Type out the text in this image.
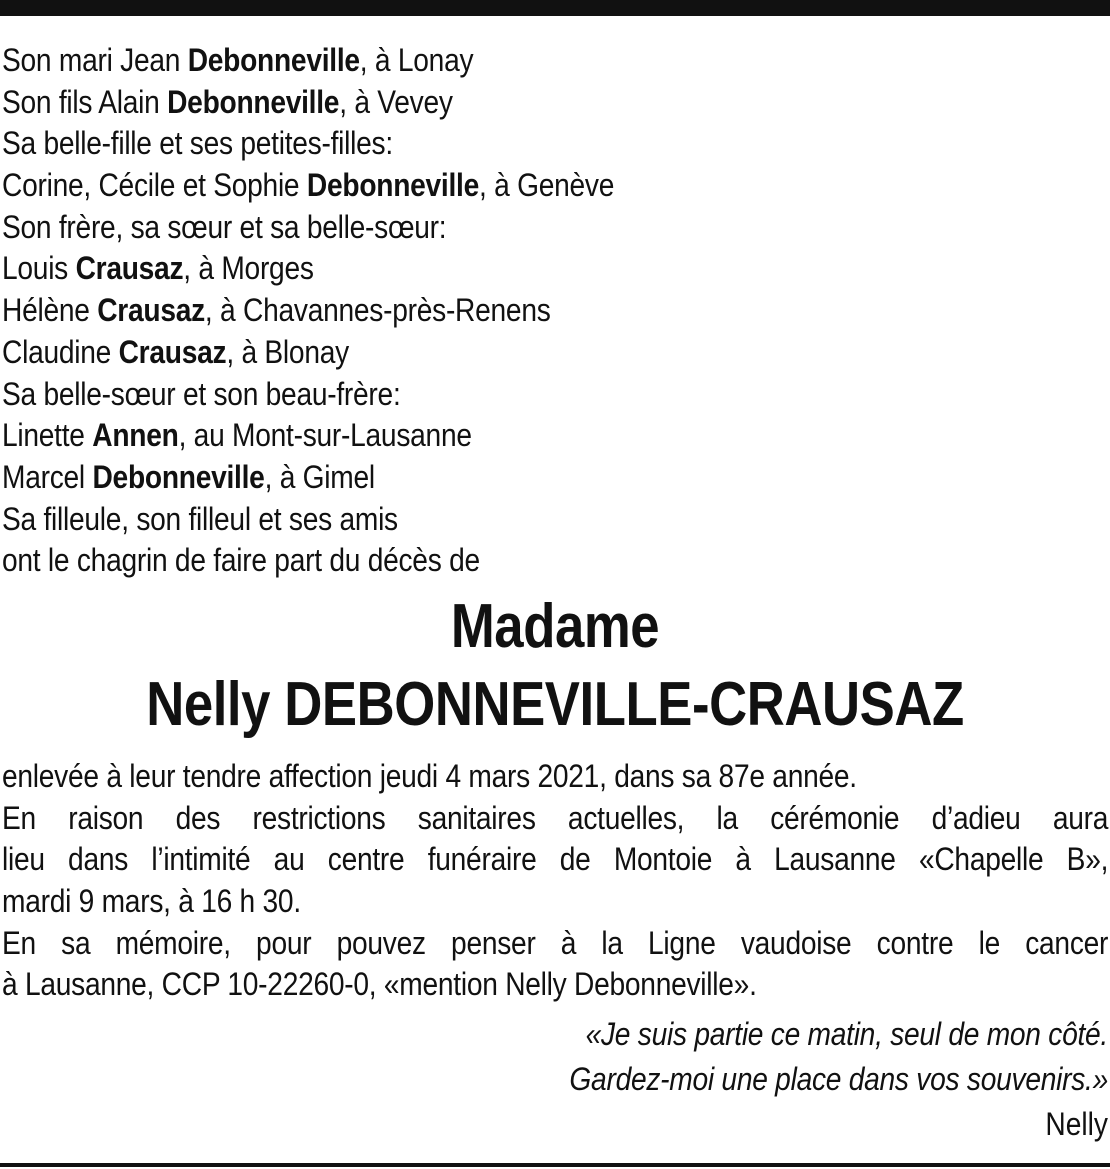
Son mari Jean Debonneville, à Lonay
Son fils Alain Debonneville, à Vevey
Sa belle-fille et ses petites-filles:
Corine, Cécile et Sophie Debonneville, à Genève
Son frère, sa sœur et sa belle-sœur:
Louis Crausaz, à Morges
Hélène Crausaz, à Chavannes-près-Renens
Claudine Crausaz, à Blonay
Sa belle-sœur et son beau-frère:
Linette Annen, au Mont-sur-Lausanne
Marcel Debonneville, à Gimel
Sa filleule, son filleul et ses amis
ont le chagrin de faire part du décès de
Madame
Nelly DEBONNEVILLE-CRAUSAZ
enlevée à leur tendre affection jeudi 4 mars 2021, dans sa 87e année.
En raison des restrictions sanitaires actuelles, la cérémonie d’adieu aura
lieu dans l’intimité au centre funéraire de Montoie à Lausanne «Chapelle B»,
mardi 9 mars, à 16 h 30.
En sa mémoire, pour pouvez penser à la Ligne vaudoise contre le cancer
à Lausanne, CCP 10-22260-0, «mention Nelly Debonneville».
«Je suis partie ce matin, seul de mon côté.
Gardez-moi une place dans vos souvenirs.»
Nelly
